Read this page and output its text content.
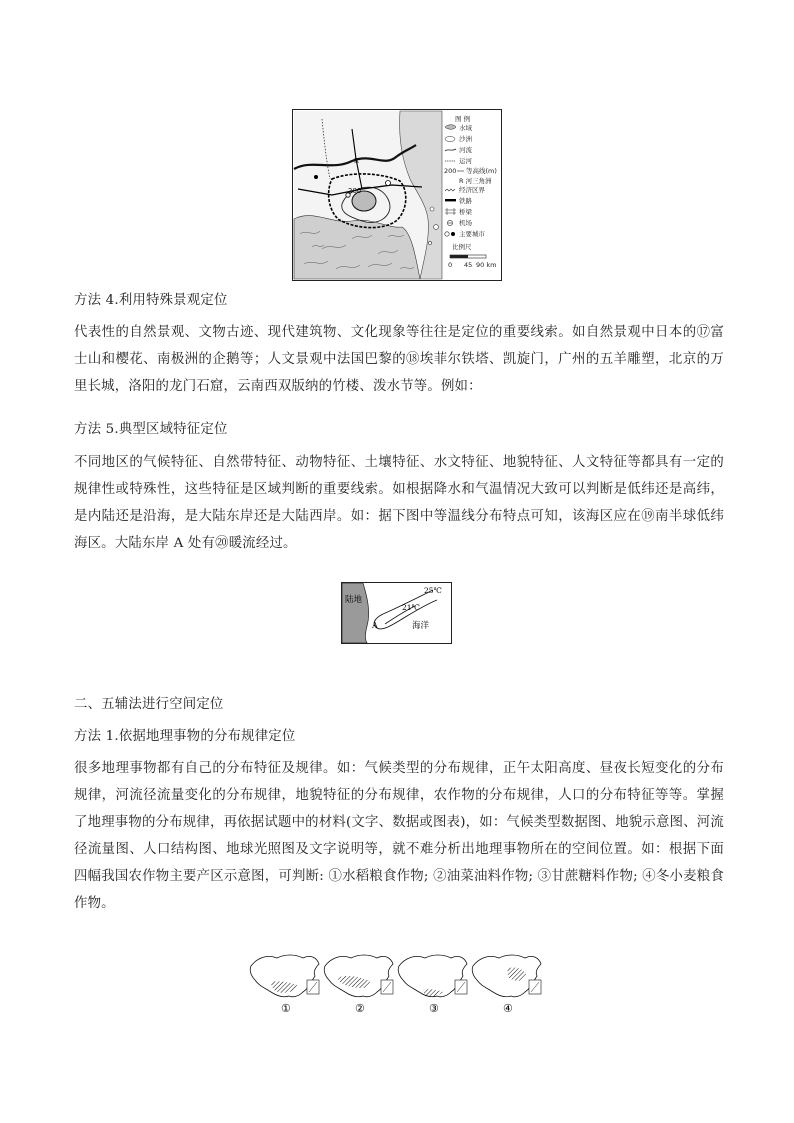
R
200
图 例
水域
沙洲
河流
运河
200 等高线(m)
R 河三角洲
经济区界
铁路
桥梁
机场
主要城市
比例尺
0 45 90 km

方法 4.利用特殊景观定位

代表性的自然景观、文物古迹、现代建筑物、文化现象等往往是定位的重要线索。如自然景观中日本的⑰富士山和樱花、南极洲的企鹅等；人文景观中法国巴黎的⑱埃菲尔铁塔、凯旋门，广州的五羊雕塑，北京的万里长城，洛阳的龙门石窟，云南西双版纳的竹楼、泼水节等。例如：

方法 5.典型区域特征定位

不同地区的气候特征、自然带特征、动物特征、土壤特征、水文特征、地貌特征、人文特征等都具有一定的规律性或特殊性，这些特征是区域判断的重要线索。如根据降水和气温情况大致可以判断是低纬还是高纬，是内陆还是沿海，是大陆东岸还是大陆西岸。如：据下图中等温线分布特点可知，该海区应在⑲南半球低纬海区。大陆东岸 A 处有⑳暖流经过。

陆地
25℃
21℃
A	海洋

二、五辅法进行空间定位

方法 1.依据地理事物的分布规律定位

很多地理事物都有自己的分布特征及规律。如：气候类型的分布规律，正午太阳高度、昼夜长短变化的分布规律，河流径流量变化的分布规律，地貌特征的分布规律，农作物的分布规律，人口的分布特征等等。掌握了地理事物的分布规律，再依据试题中的材料(文字、数据或图表)，如：气候类型数据图、地貌示意图、河流径流量图、人口结构图、地球光照图及文字说明等，就不难分析出地理事物所在的空间位置。如：根据下面四幅我国农作物主要产区示意图，可判断: ①水稻粮食作物; ②油菜油料作物; ③甘蔗糖料作物; ④冬小麦粮食作物。

①	②	③	④
